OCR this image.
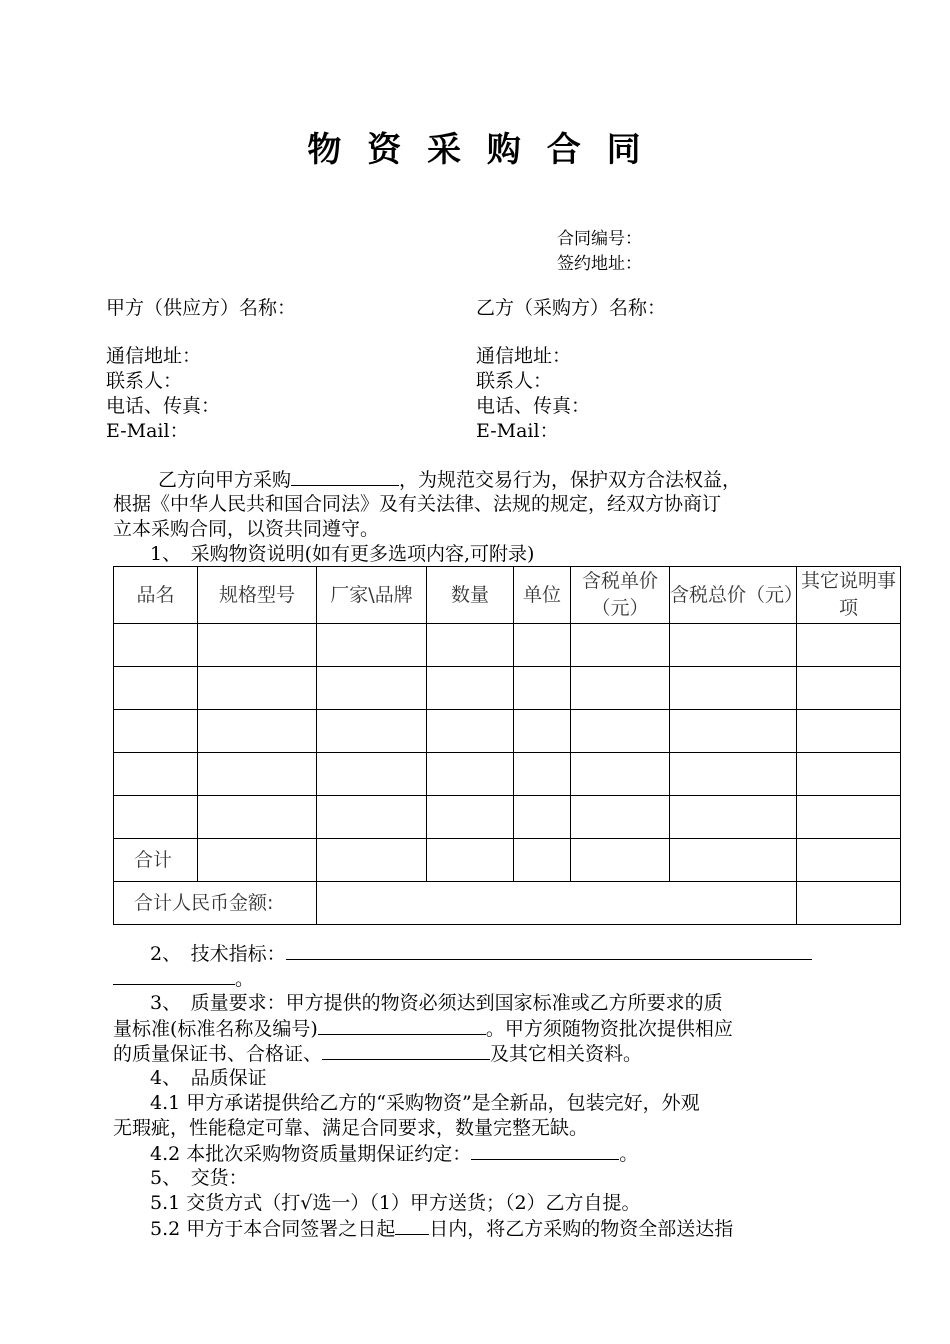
物 资 采 购 合 同
合同编号：
签约地址：
甲方（供应方）名称：
通信地址：
联系人：
电话、传真：
E-Mail：
乙方（采购方）名称：
通信地址：
联系人：
电话、传真：
E-Mail：
乙方向甲方采购	，为规范交易行为，保护双方合法权益，
根据《中华人民共和国合同法》及有关法律、法规的规定，经双方协商订
立本采购合同，以资共同遵守。
1、　采购物资说明(如有更多选项内容,可附录)
品名	规格型号	厂家\品牌	数量	单位	含税单价（元）	含税总价（元）	其它说明事项

合计							
合计人民币金额:							
2、　技术指标：
。
3、　质量要求：甲方提供的物资必须达到国家标准或乙方所要求的质
量标准(标准名称及编号)	。甲方须随物资批次提供相应
的质量保证书、合格证、	及其它相关资料。
4、　品质保证
4.1 甲方承诺提供给乙方的“采购物资”是全新品，包装完好，外观
无瑕疵，性能稳定可靠、满足合同要求，数量完整无缺。
4.2 本批次采购物资质量期保证约定：	。
5、　交货：
5.1 交货方式（打√选一）（1）甲方送货；（2）乙方自提。
5.2 甲方于本合同签署之日起 日内，将乙方采购的物资全部送达指
